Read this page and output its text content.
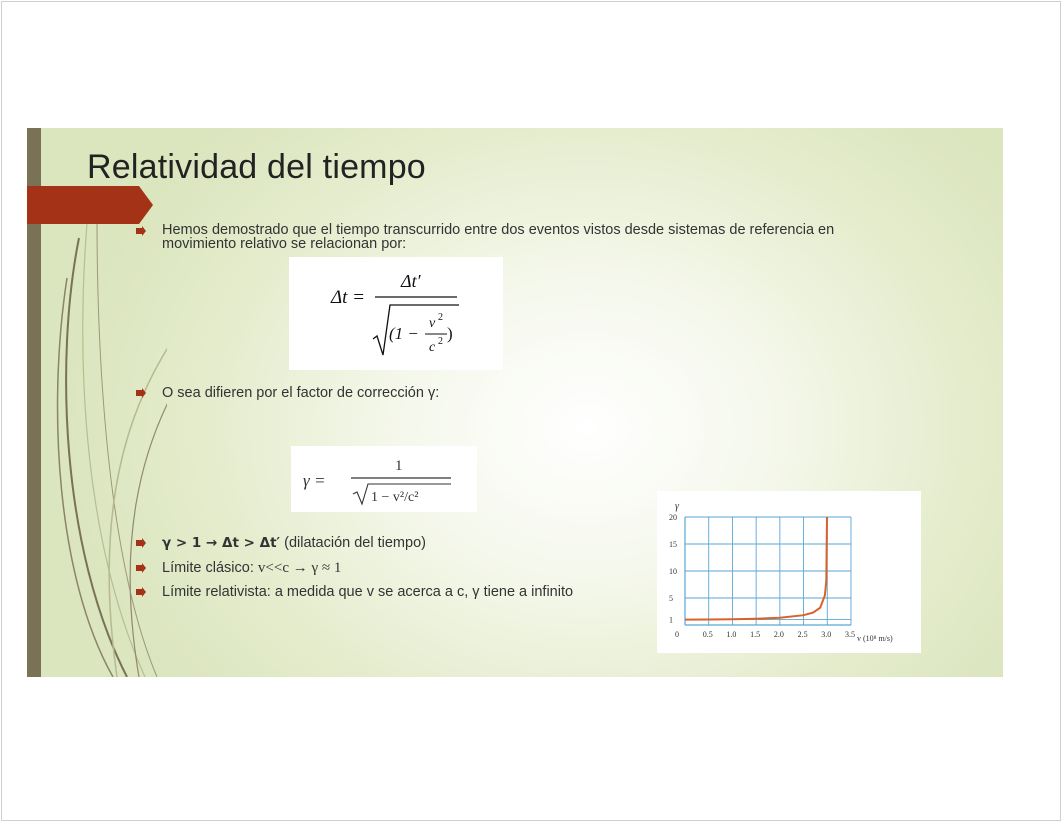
Relatividad del tiempo
Hemos demostrado que el tiempo transcurrido entre dos eventos vistos desde sistemas de referencia en movimiento relativo se relacionan por:
Δt =
Δt′
(1 −
v 2
c 2 )
O sea difieren por el factor de corrección γ:
γ =
1
1 − v²/c²
γ > 1 → Δt > Δt′ (dilatación del tiempo)
Límite clásico: v<<c → γ ≈ 1
Límite relativista: a medida que v se acerca a c, γ tiene a infinito
0	0.5 1.0 1.5 2.0 2.5 3.0 3.5
1
5
10
15
20
γ
v (10⁸ m/s)
